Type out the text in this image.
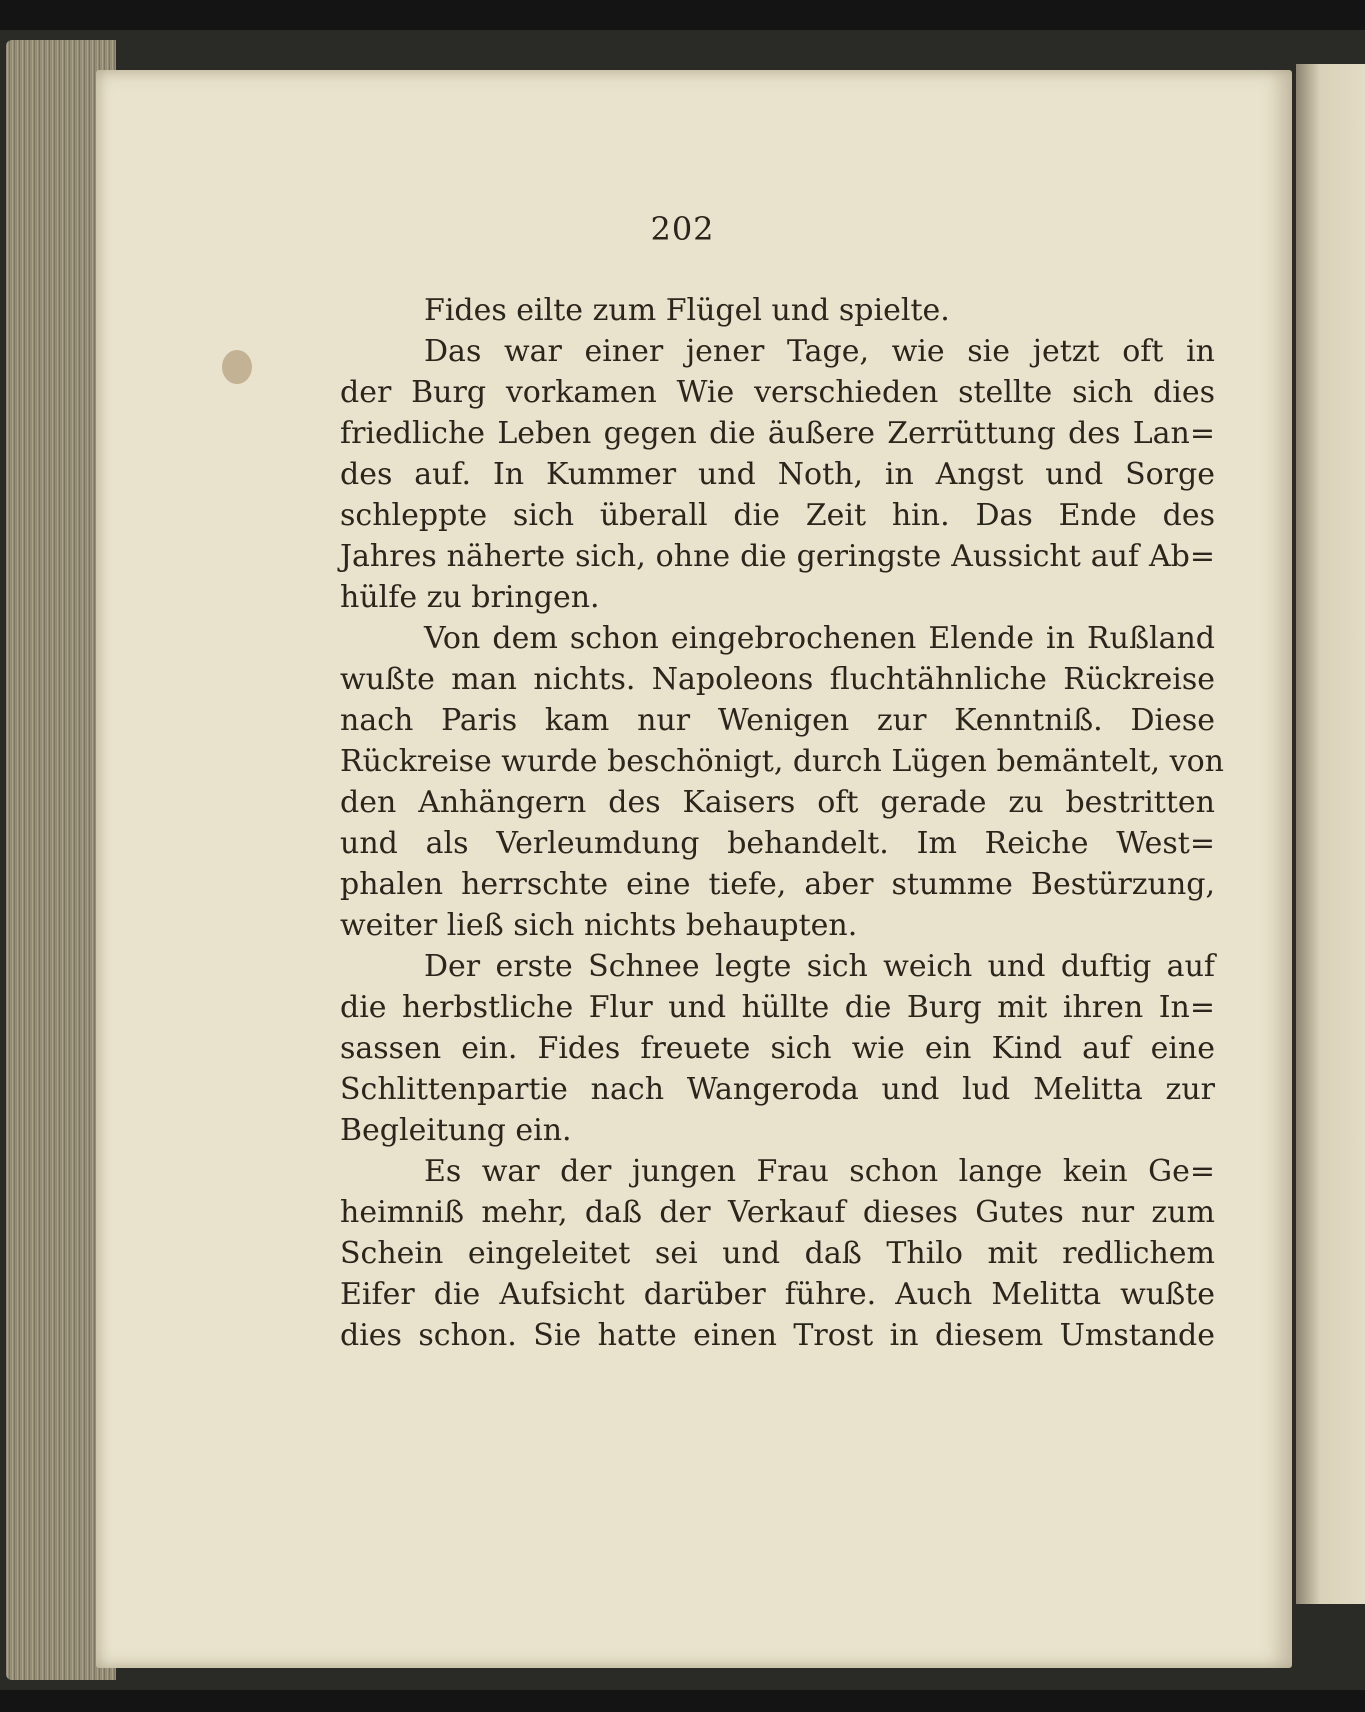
202
Fides eilte zum Flügel und spielte.
Das war einer jener Tage, wie sie jetzt oft in
der Burg vorkamen Wie verschieden stellte sich dies
friedliche Leben gegen die äußere Zerrüttung des Lan=
des auf. In Kummer und Noth, in Angst und Sorge
schleppte sich überall die Zeit hin. Das Ende des
Jahres näherte sich, ohne die geringste Aussicht auf Ab=
hülfe zu bringen.
Von dem schon eingebrochenen Elende in Rußland
wußte man nichts. Napoleons fluchtähnliche Rückreise
nach Paris kam nur Wenigen zur Kenntniß. Diese
Rückreise wurde beschönigt, durch Lügen bemäntelt, von
den Anhängern des Kaisers oft gerade zu bestritten
und als Verleumdung behandelt. Im Reiche West=
phalen herrschte eine tiefe, aber stumme Bestürzung,
weiter ließ sich nichts behaupten.
Der erste Schnee legte sich weich und duftig auf
die herbstliche Flur und hüllte die Burg mit ihren In=
sassen ein. Fides freuete sich wie ein Kind auf eine
Schlittenpartie nach Wangeroda und lud Melitta zur
Begleitung ein.
Es war der jungen Frau schon lange kein Ge=
heimniß mehr, daß der Verkauf dieses Gutes nur zum
Schein eingeleitet sei und daß Thilo mit redlichem
Eifer die Aufsicht darüber führe. Auch Melitta wußte
dies schon. Sie hatte einen Trost in diesem Umstande
